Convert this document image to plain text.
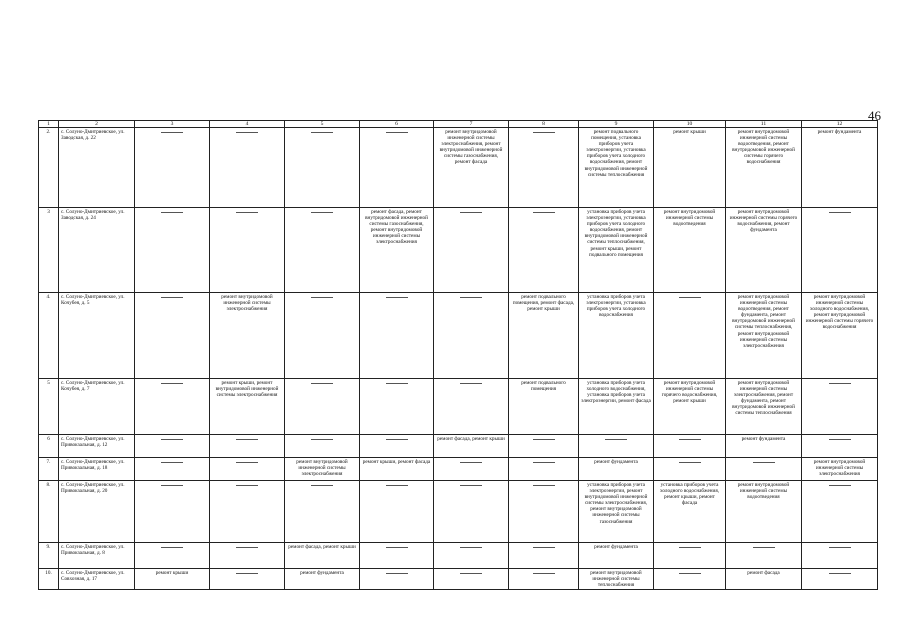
46
1	2	3	4	5	6	7	8	9	10	11	12
2.	с. Солуно-Дмитриевское, ул. Заводская, д. 22					ремонт внутридомовой инженерной системы электроснабжения, ремонт внутридомовой инженерной системы газоснабжения, ремонт фасада		ремонт подвального помещения, установка приборов учета электроэнергии, установка приборов учета холодного водоснабжения, ремонт внутридомовой инженерной системы теплоснабжения	ремонт крыши	ремонт внутридомовой инженерной системы водоотведения, ремонт внутридомовой инженерной системы горячего водоснабжения	ремонт фундамента
3	с. Солуно-Дмитриевское, ул. Заводская, д. 24				ремонт фасада, ремонт внутридомовой инженерной системы газоснабжения, ремонт внутридомовой инженерной системы электроснабжения			установка приборов учета электроэнергии, установка приборов учета холодного водоснабжения, ремонт внутридомовой инженерной системы теплоснабжения, ремонт крыши, ремонт подвального помещения	ремонт внутридомовой инженерной системы водоотведения	ремонт внутридомовой инженерной системы горячего водоснабжения, ремонт фундамента	
4.	с. Солуно-Дмитриевское, ул. Кочубея, д. 5		ремонт внутридомовой инженерной системы электроснабжения				ремонт подвального помещения, ремонт фасада, ремонт крыши	установка приборов учета электроэнергии, установка приборов учета холодного водоснабжения		ремонт внутридомовой инженерной системы водоотведения, ремонт фундамента, ремонт внутридомовой инженерной системы теплоснабжения, ремонт внутридомовой инженерной системы электроснабжения	ремонт внутридомовой инженерной системы холодного водоснабжения, ремонт внутридомовой инженерной системы горячего водоснабжения
5	с. Солуно-Дмитриевское, ул. Кочубея, д. 7		ремонт крыши, ремонт внутридомовой инженерной системы электроснабжения				ремонт подвального помещения	установка приборов учета холодного водоснабжения, установка приборов учета электроэнергии, ремонт фасада	ремонт внутридомовой инженерной системы горячего водоснабжения, ремонт крыши	ремонт внутридомовой инженерной системы электроснабжения, ремонт фундамента, ремонт внутридомовой инженерной системы теплоснабжения	
6	с. Солуно-Дмитриевское, ул. Привокзальная, д. 12					ремонт фасада, ремонт крыши				ремонт фундамента	
7.	с. Солуно-Дмитриевское, ул. Привокзальная, д. 18			ремонт внутридомовой инженерной системы электроснабжения	ремонт крыши, ремонт фасада			ремонт фундамента			ремонт внутридомовой инженерной системы электроснабжения
8.	с. Солуно-Дмитриевское, ул. Привокзальная, д. 20							установка приборов учета электроэнергии, ремонт внутридомовой инженерной системы электроснабжения, ремонт внутридомовой инженерной системы газоснабжения	установка приборов учета холодного водоснабжения, ремонт крыши, ремонт фасада	ремонт внутридомовой инженерной системы водоотведения	
9.	с. Солуно-Дмитриевское, ул. Привокзальная, д. 8			ремонт фасада, ремонт крыши				ремонт фундамента			
10.	с. Солуно-Дмитриевское, ул. Совхозная, д. 17	ремонт крыши		ремонт фундамента				ремонт внутридомовой инженерной системы теплоснабжения		ремонт фасада	
